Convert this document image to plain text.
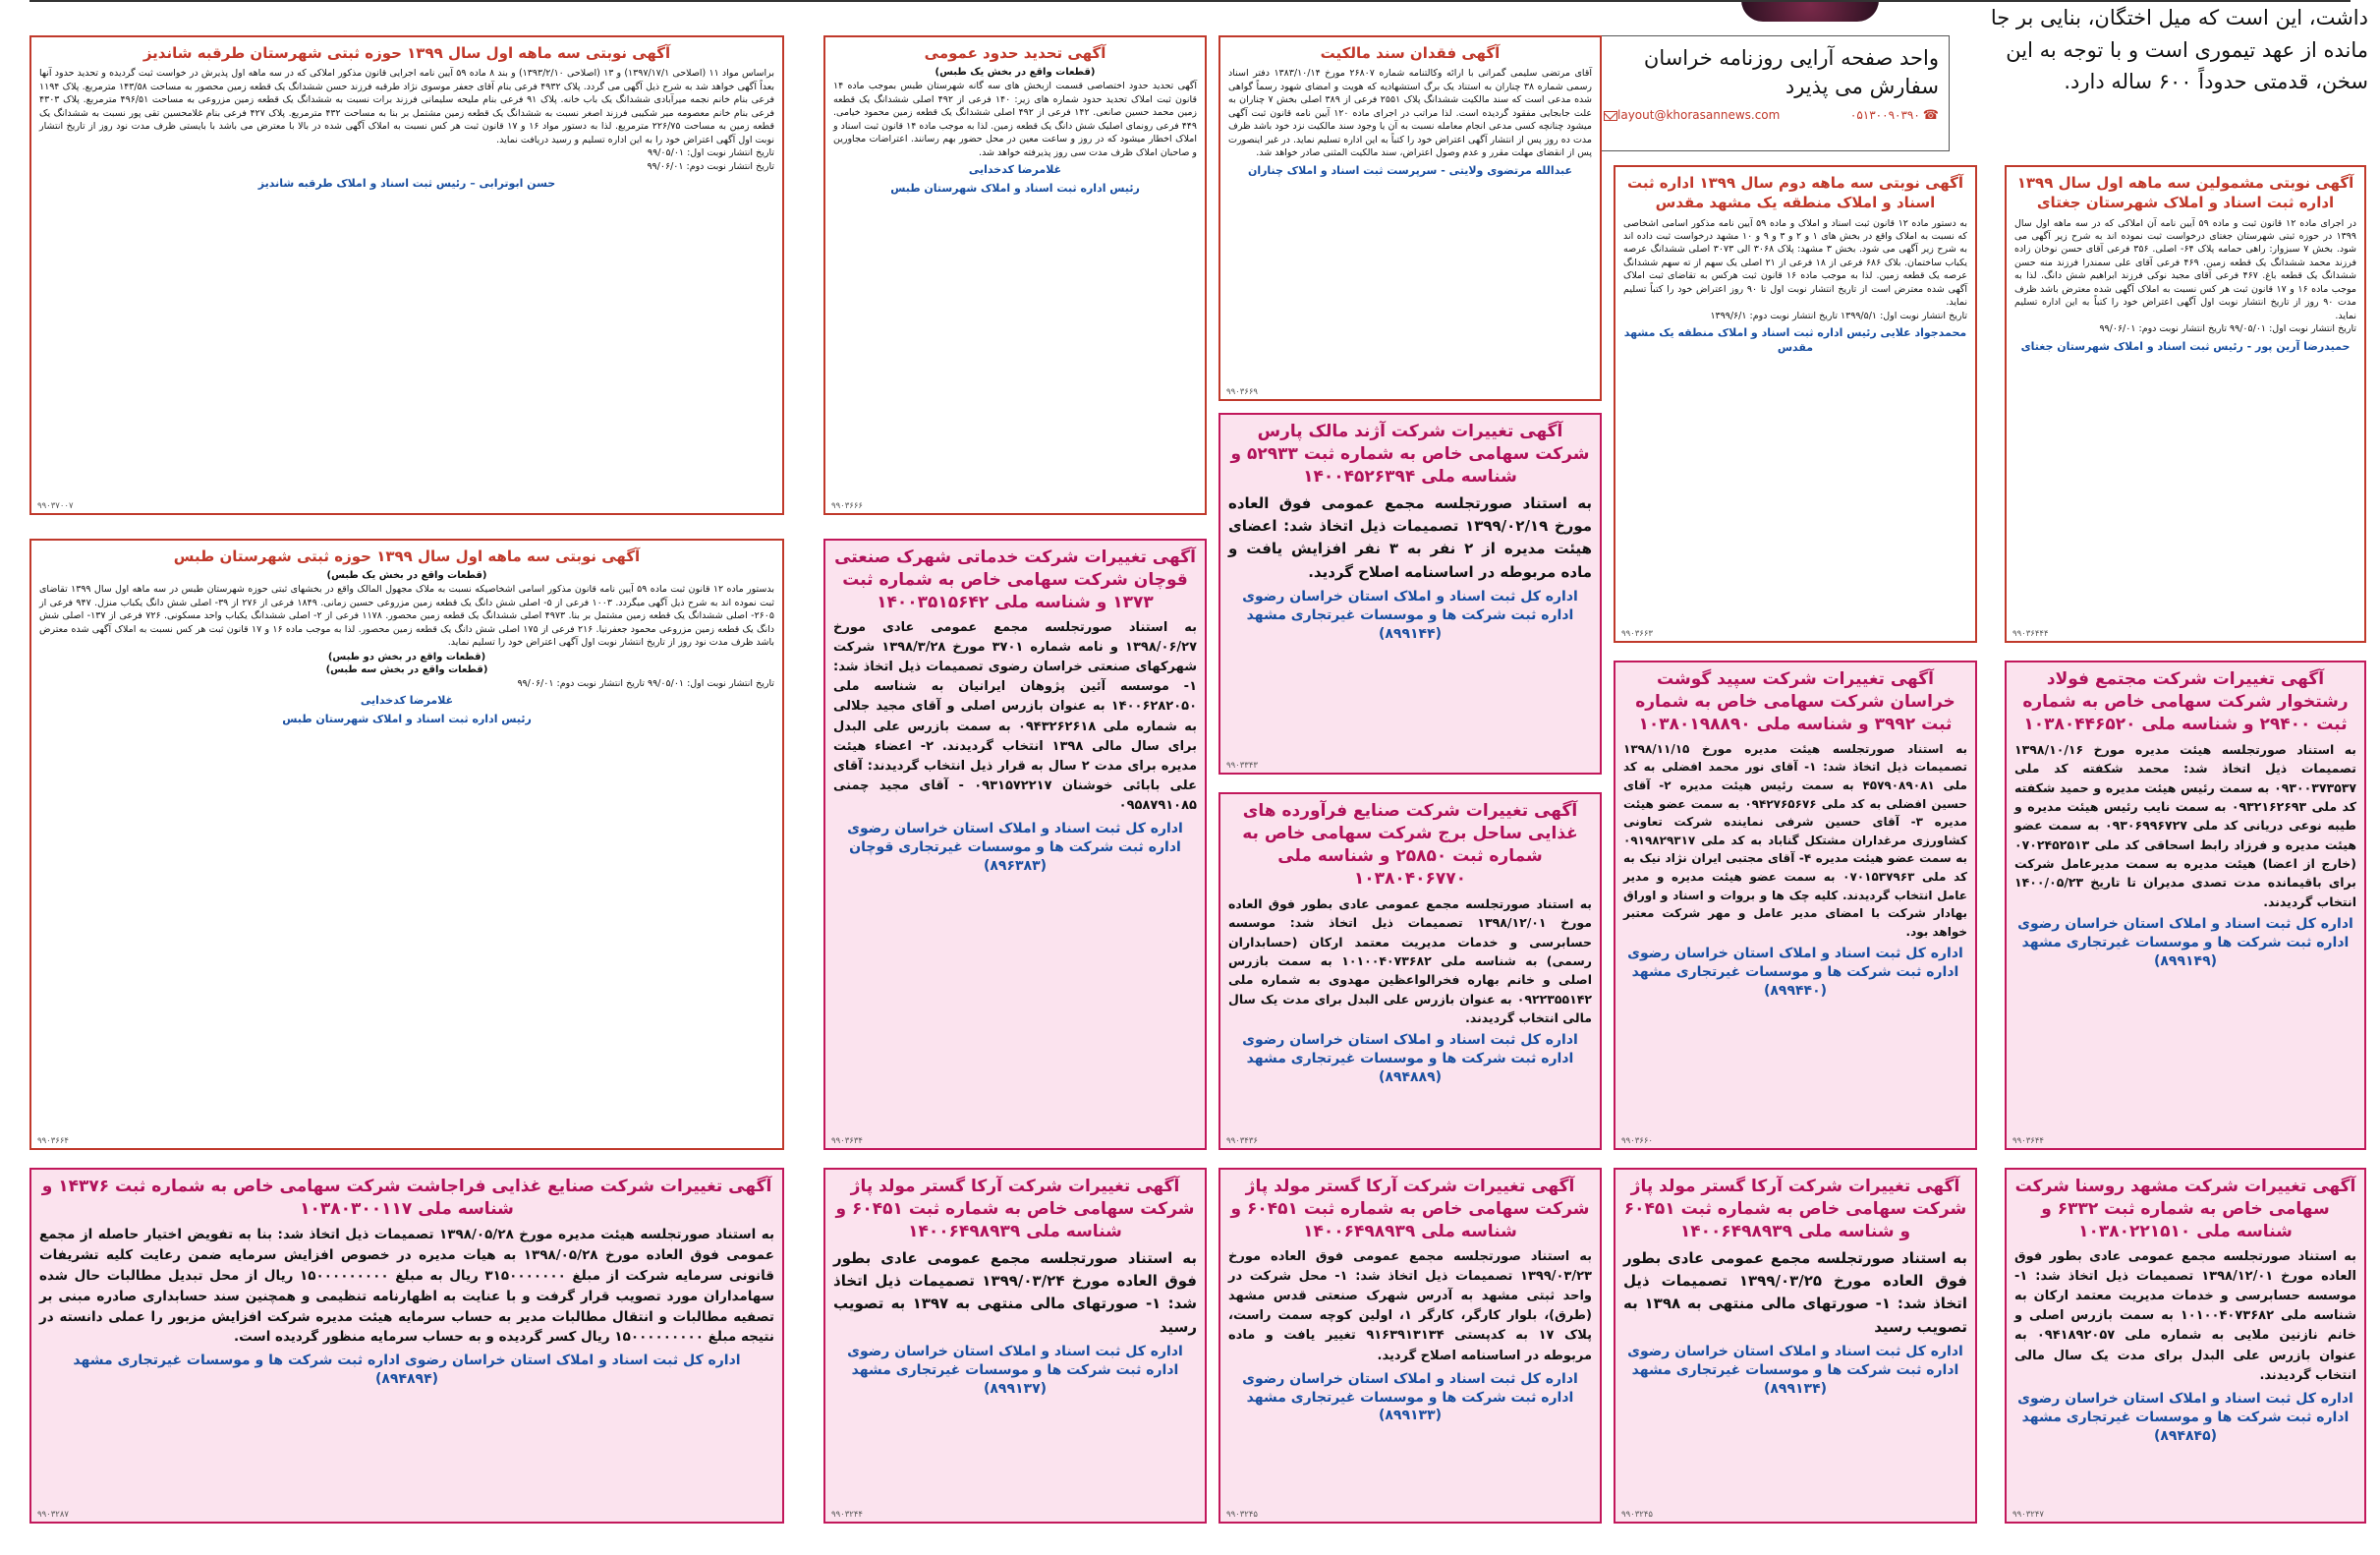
داشت، این است که میل اختگان، بنایی بر جا مانده از عهد تیموری است و با توجه به این سخن، قدمتی حدوداً ۶۰۰ ساله دارد.
واحد صفحه آرایی روزنامه خراسان
سفارش می پذیرد
☎۰۵۱۳۰۰۹۰۳۹۰
layout@khorasannews.com
آگهی نوبتی سه ماهه اول سال ۱۳۹۹ حوزه ثبتی شهرستان طرقبه شاندیز
براساس مواد ۱۱ (اصلاحی ۱۳۹۷/۱۷/۱) و ۱۳ (اصلاحی ۱۳۹۳/۲/۱۰) و بند ۸ ماده ۵۹ آیین نامه اجرایی قانون مذکور املاکی که در سه ماهه اول پذیرش در خواست ثبت گردیده و تحدید حدود آنها بعداً آگهی خواهد شد به شرح ذیل آگهی می گردد. پلاک ۴۹۳۲ فرعی بنام آقای جعفر موسوی نژاد طرقبه فرزند حسن ششدانگ یک قطعه زمین محصور به مساحت ۱۴۳/۵۸ مترمربع. پلاک ۱۱۹۴ فرعی بنام خانم نجمه میرآبادی ششدانگ یک باب خانه. پلاک ۹۱ فرعی بنام ملیحه سلیمانی فرزند برات نسبت به ششدانگ یک قطعه زمین مزروعی به مساحت ۴۹۶/۵۱ مترمربع. پلاک ۴۳۰۳ فرعی بنام خانم معصومه میر شکیبی فرزند اصغر نسبت به ششدانگ یک قطعه زمین مشتمل بر بنا به مساحت ۴۳۲ مترمربع. پلاک ۴۲۷ فرعی بنام غلامحسین تقی پور نسبت به ششدانگ یک قطعه زمین به مساحت ۲۲۶/۷۵ مترمربع. لذا به دستور مواد ۱۶ و ۱۷ قانون ثبت هر کس نسبت به املاک آگهی شده در بالا با معترض می باشد با بایستی ظرف مدت نود روز از تاریخ انتشار نوبت اول آگهی اعتراض خود را به این اداره تسلیم و رسید دریافت نماید.
تاریخ انتشار نوبت اول: ۹۹/۰۵/۰۱
تاریخ انتشار نوبت دوم: ۹۹/۰۶/۰۱
حسن ابوترابی – رئیس ثبت اسناد و املاک طرقبه شاندیز
۹۹۰۳۷۰۰۷
آگهی تحدید حدود عمومی
(قطعات واقع در بخش یک طبس)
آگهی تحدید حدود اختصاصی قسمت ازبخش های سه گانه شهرستان طبس بموجب ماده ۱۴ قانون ثبت املاک تحدید حدود شماره های زیر: ۱۴۰ فرعی از ۴۹۲ اصلی ششدانگ یک قطعه زمین محمد حسین صانعی. ۱۴۲ فرعی از ۴۹۲ اصلی ششدانگ یک قطعه زمین محمود خیامی. ۴۴۹ فرعی رونمای اصلیک شش دانگ یک قطعه زمین. لذا به موجب ماده ۱۴ قانون ثبت اسناد و املاک اخطار میشود که در روز و ساعت معین در محل حضور بهم رسانند. اعتراضات مجاورین و صاحبان املاک ظرف مدت سی روز پذیرفته خواهد شد.
غلامرضا کدخدایی
رئیس اداره ثبت اسناد و املاک شهرستان طبس
۹۹۰۳۶۶۶
آگهی فقدان سند مالکیت
آقای مرتضی سلیمی گمرانی با ارائه وکالتنامه شماره ۲۶۸۰۷ مورخ ۱۳۸۳/۱۰/۱۴ دفتر اسناد رسمی شماره ۳۸ چناران به استناد یک برگ استشهادیه که هویت و امضای شهود رسماً گواهی شده مدعی است که سند مالکیت ششدانگ پلاک ۲۵۵۱ فرعی از ۳۸۹ اصلی بخش ۷ چناران به علت جابجایی مفقود گردیده است. لذا مراتب در اجرای ماده ۱۲۰ آیین نامه قانون ثبت آگهی میشود چنانچه کسی مدعی انجام معامله نسبت به آن یا وجود سند مالکیت نزد خود باشد ظرف مدت ده روز پس از انتشار آگهی اعتراض خود را کتباً به این اداره تسلیم نماید. در غیر اینصورت پس از انقضای مهلت مقرر و عدم وصول اعتراض، سند مالکیت المثنی صادر خواهد شد.
عبدالله مرتضوی ولایتی - سرپرست ثبت اسناد و املاک چناران
۹۹۰۳۶۶۹
آگهی نوبتی سه ماهه دوم سال ۱۳۹۹ اداره ثبت اسناد و املاک منطقه یک مشهد مقدس
به دستور ماده ۱۲ قانون ثبت اسناد و املاک و ماده ۵۹ آیین نامه مذکور اسامی اشخاصی که نسبت به املاک واقع در بخش های ۱ و ۲ و ۳ و ۹ و ۱۰ مشهد درخواست ثبت داده اند به شرح زیر آگهی می شود. بخش ۳ مشهد: پلاک ۳۰۶۸ الی ۳۰۷۳ اصلی ششدانگ عرصه یکباب ساختمان. بلاک ۶۸۶ فرعی از ۱۸ فرعی از ۲۱ اصلی یک سهم از ته سهم ششدانگ عرصه یک قطعه زمین. لذا به موجب ماده ۱۶ قانون ثبت هرکس به تقاضای ثبت املاک آگهی شده معترض است از تاریخ انتشار نوبت اول تا ۹۰ روز اعتراض خود را کتباً تسلیم نماید.
تاریخ انتشار نوبت اول: ۱۳۹۹/۵/۱ تاریخ انتشار نوبت دوم: ۱۳۹۹/۶/۱
محمدجواد علایی رئیس اداره ثبت اسناد و املاک منطقه یک مشهد مقدس
۹۹۰۳۶۶۳
آگهی نوبتی مشمولین سه ماهه اول سال ۱۳۹۹ اداره ثبت اسناد و املاک شهرستان جغتای
در اجرای ماده ۱۲ قانون ثبت و ماده ۵۹ آیین نامه آن املاکی که در سه ماهه اول سال ۱۳۹۹ در حوزه ثبتی شهرستان جغتای درخواست ثبت نموده اند به شرح زیر آگهی می شود. بخش ۷ سبزوار: راهی حمامه پلاک ۶۴- اصلی. ۳۵۶ فرعی آقای حسن نوخان زاده فرزند محمد ششدانگ یک قطعه زمین. ۴۶۹ فرعی آقای علی سمندرا فرزند منه حسن ششدانگ یک قطعه باغ. ۴۶۷ فرعی آقای مجید نوکی فرزند ابراهیم شش دانگ. لذا به موجب ماده ۱۶ و ۱۷ قانون ثبت هر کس نسبت به املاک آگهی شده معترض باشد ظرف مدت ۹۰ روز از تاریخ انتشار نوبت اول آگهی اعتراض خود را کتباً به این اداره تسلیم نماید.
تاریخ انتشار نوبت اول: ۹۹/۰۵/۰۱ تاریخ انتشار نوبت دوم: ۹۹/۰۶/۰۱
حمیدرضا آرین پور - رئیس ثبت اسناد و املاک شهرستان جغتای
۹۹۰۳۶۴۴۴
آگهی نوبتی سه ماهه اول سال ۱۳۹۹ حوزه ثبتی شهرستان طبس
(قطعات واقع در بخش یک طبس)
بدستور ماده ۱۲ قانون ثبت ماده ۵۹ آیین نامه قانون مذکور اسامی اشخاصیکه نسبت به ملاک مجهول المالک واقع در بخشهای ثبتی حوزه شهرستان طبس در سه ماهه اول سال ۱۳۹۹ تقاضای ثبت نموده اند به شرح ذیل آگهی میگردد. ۱۰۰۳ فرعی از ۵- اصلی شش دانگ یک قطعه زمین مزروعی حسین زمانی. ۱۸۴۹ فرعی از ۲۷۶ از ۳۹- اصلی شش دانگ یکباب منزل. ۹۴۷ فرعی از ۲۶۰۵- اصلی ششدانگ یک قطعه زمین مشتمل بر بنا. ۴۹۷۳ اصلی ششدانگ یک قطعه زمین محصور. ۱۱۷۸ فرعی از ۲- اصلی ششدانگ یکباب واحد مسکونی. ۷۲۶ فرعی از ۱۳۷- اصلی شش دانگ یک قطعه زمین مزروعی محمود جعفرنیا. ۲۱۶ فرعی از ۱۷۵ اصلی شش دانگ یک قطعه زمین محصور. لذا به موجب ماده ۱۶ و ۱۷ قانون ثبت هر کس نسبت به املاک آگهی شده معترض باشد ظرف مدت نود روز از تاریخ انتشار نوبت اول آگهی اعتراض خود را تسلیم نماید.
(قطعات واقع در بخش دو طبس)
(قطعات واقع در بخش سه طبس)
تاریخ انتشار نوبت اول: ۹۹/۰۵/۰۱ تاریخ انتشار نوبت دوم: ۹۹/۰۶/۰۱
غلامرضا کدخدایی
رئیس اداره ثبت اسناد و املاک شهرستان طبس
۹۹۰۳۶۶۴
آگهی تغییرات شرکت خدماتی شهرک صنعتی قوچان شرکت سهامی خاص به شماره ثبت ۱۳۷۳ و شناسه ملی ۱۴۰۰۳۵۱۵۶۴۲
به استناد صورتجلسه مجمع عمومی عادی مورخ ۱۳۹۸/۰۶/۲۷ و نامه شماره ۳۷۰۱ مورخ ۱۳۹۸/۳/۲۸ شرکت شهرکهای صنعتی خراسان رضوی تصمیمات ذیل اتخاذ شد: ۱- موسسه آئین پژوهان ایرانیان به شناسه ملی ۱۴۰۰۶۲۸۲۰۵۰ به عنوان بازرس اصلی و آقای مجید جلالی به شماره ملی ۰۹۴۳۲۶۲۶۱۸ به سمت بازرس علی البدل برای سال مالی ۱۳۹۸ انتخاب گردیدند. ۲- اعضاء هیئت مدیره برای مدت ۲ سال به قرار ذیل انتخاب گردیدند: آقای علی بابائی خوشنان ۰۹۳۱۵۷۲۲۱۷ - آقای مجید چمنی ۰۹۵۸۷۹۱۰۸۵
اداره کل ثبت اسناد و املاک استان خراسان رضوی اداره ثبت شرکت ها و موسسات غیرتجاری قوچان (۸۹۶۳۸۳)
۹۹۰۳۶۳۴
آگهی تغییرات شرکت آژند مالک پارس شرکت سهامی خاص به شماره ثبت ۵۲۹۳۳ و شناسه ملی ۱۴۰۰۴۵۲۶۳۹۴
به استناد صورتجلسه مجمع عمومی فوق العاده مورخ ۱۳۹۹/۰۲/۱۹ تصمیمات ذیل اتخاذ شد: اعضای هیئت مدیره از ۲ نفر به ۳ نفر افزایش یافت و ماده مربوطه در اساسنامه اصلاح گردید.
اداره کل ثبت اسناد و املاک استان خراسان رضوی اداره ثبت شرکت ها و موسسات غیرتجاری مشهد (۸۹۹۱۴۴)
۹۹۰۳۳۴۳
آگهی تغییرات شرکت صنایع فرآورده های غذایی ساحل برج شرکت سهامی خاص به شماره ثبت ۲۵۸۵۰ و شناسه ملی ۱۰۳۸۰۴۰۶۷۷۰
به استناد صورتجلسه مجمع عمومی عادی بطور فوق العاده مورخ ۱۳۹۸/۱۲/۰۱ تصمیمات ذیل اتخاذ شد: موسسه حسابرسی و خدمات مدیریت معتمد ارکان (حسابداران رسمی) به شناسه ملی ۱۰۱۰۰۴۰۷۳۶۸۲ به سمت بازرس اصلی و خانم بهاره فخرالواعظین مهدوی به شماره ملی ۰۹۲۲۳۵۵۱۴۲ به عنوان بازرس علی البدل برای مدت یک سال مالی انتخاب گردیدند.
اداره کل ثبت اسناد و املاک استان خراسان رضوی اداره ثبت شرکت ها و موسسات غیرتجاری مشهد (۸۹۴۸۸۹)
۹۹۰۳۴۳۶
آگهی تغییرات شرکت سپید گوشت خراسان شرکت سهامی خاص به شماره ثبت ۳۹۹۲ و شناسه ملی ۱۰۳۸۰۱۹۸۸۹۰
به استناد صورتجلسه هیئت مدیره مورخ ۱۳۹۸/۱۱/۱۵ تصمیمات ذیل اتخاذ شد: ۱- آقای نور محمد افضلی به کد ملی ۴۵۷۹۰۸۹۰۸۱ به سمت رئیس هیئت مدیره ۲- آقای حسین افضلی به کد ملی ۰۹۴۲۷۶۵۶۷۶ به سمت عضو هیئت مدیره ۳- آقای حسین شرفی نماینده شرکت تعاونی کشاورزی مرغداران مشتکل گناباد به کد ملی ۰۹۱۹۸۲۹۳۱۷ به سمت عضو هیئت مدیره ۴- آقای مجتبی ایران نژاد نیک به کد ملی ۰۷۰۱۵۳۷۹۶۳ به سمت عضو هیئت مدیره و مدیر عامل انتخاب گردیدند. کلیه چک ها و بروات و اسناد و اوراق بهادار شرکت با امضای مدیر عامل و مهر شرکت معتبر خواهد بود.
اداره کل ثبت اسناد و املاک استان خراسان رضوی اداره ثبت شرکت ها و موسسات غیرتجاری مشهد (۸۹۹۴۴۰)
۹۹۰۳۶۶۰
آگهی تغییرات شرکت مجتمع فولاد رشتخوار شرکت سهامی خاص به شماره ثبت ۲۹۴۰۰ و شناسه ملی ۱۰۳۸۰۴۴۶۵۲۰
به استناد صورتجلسه هیئت مدیره مورخ ۱۳۹۸/۱۰/۱۶ تصمیمات ذیل اتخاذ شد: محمد شکفته کد ملی ۰۹۳۰۰۳۷۳۵۳۷ به سمت رئیس هیئت مدیره و حمید شکفته کد ملی ۰۹۳۲۱۶۲۶۹۳ به سمت نایب رئیس هیئت مدیره و طیبه نوعی دریانی کد ملی ۰۹۳۰۶۹۹۶۷۲۷ به سمت عضو هیئت مدیره و فرزاد رابط اسحاقی کد ملی ۰۷۰۲۴۵۲۵۱۳ (خارج از اعضا) هیئت مدیره به سمت مدیرعامل شرکت برای باقیمانده مدت تصدی مدیران تا تاریخ ۱۴۰۰/۰۵/۲۳ انتخاب گردیدند.
اداره کل ثبت اسناد و املاک استان خراسان رضوی اداره ثبت شرکت ها و موسسات غیرتجاری مشهد (۸۹۹۱۴۹)
۹۹۰۳۶۴۴
آگهی تغییرات شرکت صنایع غذایی فراجاشت شرکت سهامی خاص به شماره ثبت ۱۴۳۷۶ و شناسه ملی ۱۰۳۸۰۳۰۰۱۱۷
به استناد صورتجلسه هیئت مدیره مورخ ۱۳۹۸/۰۵/۲۸ تصمیمات ذیل اتخاذ شد: بنا به تفویض اختیار حاصله از مجمع عمومی فوق العاده مورخ ۱۳۹۸/۰۵/۲۸ به هیات مدیره در خصوص افزایش سرمایه ضمن رعایت کلیه تشریفات قانونی سرمایه شرکت از مبلغ ۳۱۵۰۰۰۰۰۰۰ ریال به مبلغ ۱۵۰۰۰۰۰۰۰۰۰ ریال از محل تبدیل مطالبات حال شده سهامداران مورد تصویب قرار گرفت و با عنایت به اظهارنامه تنظیمی و همچنین سند حسابداری صادره مبنی بر تصفیه مطالبات و انتقال مطالبات مدیر به حساب سرمایه هیئت مدیره شرکت افزایش مزبور را عملی دانسته در نتیجه مبلغ ۱۵۰۰۰۰۰۰۰۰۰ ریال کسر گردیده و به حساب سرمایه منظور گردیده است.
اداره کل ثبت اسناد و املاک استان خراسان رضوی اداره ثبت شرکت ها و موسسات غیرتجاری مشهد (۸۹۴۸۹۴)
۹۹۰۳۲۸۷
آگهی تغییرات شرکت آرکا گستر مولد پاژ شرکت سهامی خاص به شماره ثبت ۶۰۴۵۱ و شناسه ملی ۱۴۰۰۶۴۹۸۹۳۹
به استناد صورتجلسه مجمع عمومی عادی بطور فوق العاده مورخ ۱۳۹۹/۰۳/۲۴ تصمیمات ذیل اتخاذ شد: ۱- صورتهای مالی منتهی به ۱۳۹۷ به تصویب رسید
اداره کل ثبت اسناد و املاک استان خراسان رضوی اداره ثبت شرکت ها و موسسات غیرتجاری مشهد (۸۹۹۱۳۷)
۹۹۰۳۲۴۴
آگهی تغییرات شرکت آرکا گستر مولد پاژ شرکت سهامی خاص به شماره ثبت ۶۰۴۵۱ و شناسه ملی ۱۴۰۰۶۴۹۸۹۳۹
به استناد صورتجلسه مجمع عمومی فوق العاده مورخ ۱۳۹۹/۰۳/۲۳ تصمیمات ذیل اتخاذ شد: ۱- محل شرکت در واحد ثبتی مشهد به آدرس شهرک صنعتی قدس مشهد (طرق)، بلوار کارگر، کارگر ۱، اولین کوچه سمت راست، پلاک ۱۷ به کدپستی ۹۱۶۳۹۱۳۱۳۴ تغییر یافت و ماده مربوطه در اساسنامه اصلاح گردید.
اداره کل ثبت اسناد و املاک استان خراسان رضوی اداره ثبت شرکت ها و موسسات غیرتجاری مشهد (۸۹۹۱۳۳)
۹۹۰۳۲۴۵
آگهی تغییرات شرکت آرکا گستر مولد پاژ شرکت سهامی خاص به شماره ثبت ۶۰۴۵۱ و شناسه ملی ۱۴۰۰۶۴۹۸۹۳۹
به استناد صورتجلسه مجمع عمومی عادی بطور فوق العاده مورخ ۱۳۹۹/۰۳/۲۵ تصمیمات ذیل اتخاذ شد: ۱- صورتهای مالی منتهی به ۱۳۹۸ به تصویب رسید
اداره کل ثبت اسناد و املاک استان خراسان رضوی اداره ثبت شرکت ها و موسسات غیرتجاری مشهد (۸۹۹۱۳۴)
۹۹۰۳۲۴۵
آگهی تغییرات شرکت مشهد روسنا شرکت سهامی خاص به شماره ثبت ۶۳۳۲ و شناسه ملی ۱۰۳۸۰۲۲۱۵۱۰
به استناد صورتجلسه مجمع عمومی عادی بطور فوق العاده مورخ ۱۳۹۸/۱۲/۰۱ تصمیمات ذیل اتخاذ شد: ۱- موسسه حسابرسی و خدمات مدیریت معتمد ارکان به شناسه ملی ۱۰۱۰۰۴۰۷۳۶۸۲ به سمت بازرس اصلی و خانم نازنین ملایی به شماره ملی ۰۹۴۱۸۹۲۰۵۷ به عنوان بازرس علی البدل برای مدت یک سال مالی انتخاب گردیدند.
اداره کل ثبت اسناد و املاک استان خراسان رضوی اداره ثبت شرکت ها و موسسات غیرتجاری مشهد (۸۹۴۸۴۵)
۹۹۰۳۲۴۷
